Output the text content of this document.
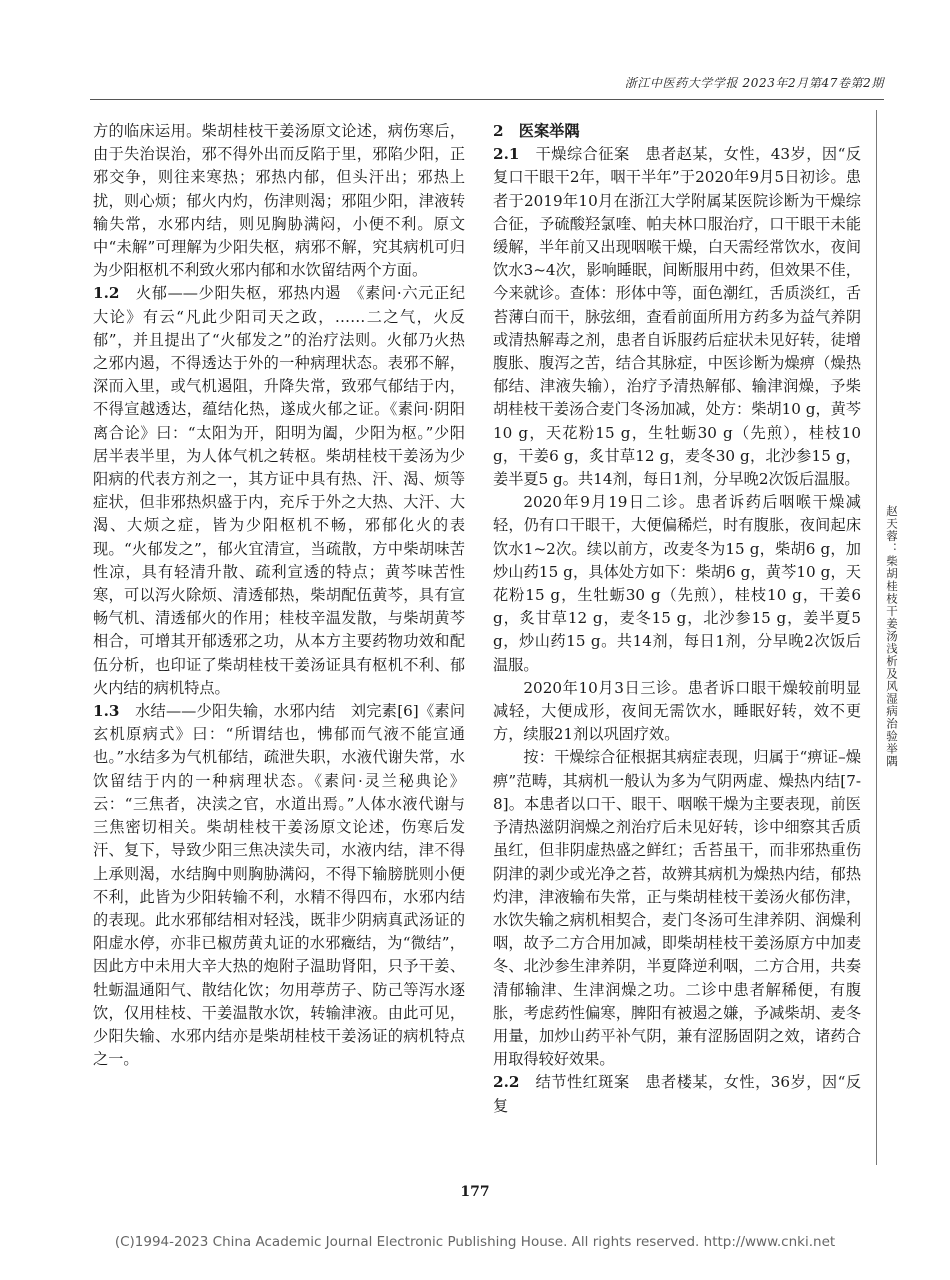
浙江中医药大学学报 2023年2月第47卷第2期

方的临床运用。柴胡桂枝干姜汤原文论述，病伤寒后，由于失治误治，邪不得外出而反陷于里，邪陷少阳，正邪交争，则往来寒热；邪热内郁，但头汗出；邪热上扰，则心烦；郁火内灼，伤津则渴；邪阻少阳，津液转输失常，水邪内结，则见胸胁满闷，小便不利。原文中“未解”可理解为少阳失枢，病邪不解，究其病机可归为少阳枢机不利致火邪内郁和水饮留结两个方面。

1.2　 火郁——少阳失枢，邪热内遏　 《素问·六元正纪大论》有云“凡此少阳司天之政，……二之气，火反郁”，并且提出了“火郁发之”的治疗法则。火郁乃火热之邪内遏，不得透达于外的一种病理状态。表邪不解，深而入里，或气机遏阻，升降失常，致邪气郁结于内，不得宣越透达，蕴结化热，遂成火郁之证。《素问·阴阳离合论》曰：“太阳为开，阳明为阖，少阳为枢。”少阳居半表半里，为人体气机之转枢。柴胡桂枝干姜汤为少阳病的代表方剂之一，其方证中具有热、汗、渴、烦等症状，但非邪热炽盛于内，充斥于外之大热、大汗、大渴、大烦之症，皆为少阳枢机不畅，邪郁化火的表现。“火郁发之”，郁火宜清宣，当疏散，方中柴胡味苦性凉，具有轻清升散、疏利宣透的特点；黄芩味苦性寒，可以泻火除烦、清透郁热，柴胡配伍黄芩，具有宣畅气机、清透郁火的作用；桂枝辛温发散，与柴胡黄芩相合，可增其开郁透邪之功，从本方主要药物功效和配伍分析，也印证了柴胡桂枝干姜汤证具有枢机不利、郁火内结的病机特点。

1.3　 水结——少阳失输，水邪内结　 刘完素[6]《素问玄机原病式》曰：“所谓结也，怫郁而气液不能宣通也。”水结多为气机郁结，疏泄失职，水液代谢失常，水饮留结于内的一种病理状态。《素问·灵兰秘典论》云：“三焦者，决渎之官，水道出焉。”人体水液代谢与三焦密切相关。柴胡桂枝干姜汤原文论述，伤寒后发汗、复下，导致少阳三焦决渎失司，水液内结，津不得上承则渴，水结胸中则胸胁满闷，不得下输膀胱则小便不利，此皆为少阳转输不利，水精不得四布，水邪内结的表现。此水邪郁结相对轻浅，既非少阴病真武汤证的阳虚水停，亦非已椒苈黄丸证的水邪癥结，为“微结”，因此方中未用大辛大热的炮附子温助肾阳，只予干姜、牡蛎温通阳气、散结化饮；勿用葶苈子、防己等泻水逐饮，仅用桂枝、干姜温散水饮，转输津液。由此可见，少阳失输、水邪内结亦是柴胡桂枝干姜汤证的病机特点之一。

2　医案举隅

2.1　 干燥综合征案　 患者赵某，女性，43岁，因“反复口干眼干2年，咽干半年”于2020年9月5日初诊。患者于2019年10月在浙江大学附属某医院诊断为干燥综合征，予硫酸羟氯喹、帕夫林口服治疗，口干眼干未能缓解，半年前又出现咽喉干燥，白天需经常饮水，夜间饮水3~4次，影响睡眠，间断服用中药，但效果不佳，今来就诊。查体：形体中等，面色潮红，舌质淡红，舌苔薄白而干，脉弦细，查看前面所用方药多为益气养阴或清热解毒之剂，患者自诉服药后症状未见好转，徒增腹胀、腹泻之苦，结合其脉症，中医诊断为燥痹（燥热郁结、津液失输），治疗予清热解郁、输津润燥，予柴胡桂枝干姜汤合麦门冬汤加减，处方：柴胡10 g，黄芩10 g，天花粉15 g，生牡蛎30 g（先煎），桂枝10 g，干姜6 g，炙甘草12 g，麦冬30 g，北沙参15 g，姜半夏5 g。共14剂，每日1剂，分早晚2次饭后温服。

2020年9月19日二诊。患者诉药后咽喉干燥减轻，仍有口干眼干，大便偏稀烂，时有腹胀，夜间起床饮水1~2次。续以前方，改麦冬为15 g，柴胡6 g，加炒山药15 g，具体处方如下：柴胡6 g，黄芩10 g，天花粉15 g，生牡蛎30 g（先煎），桂枝10 g，干姜6 g，炙甘草12 g，麦冬15 g，北沙参15 g，姜半夏5 g，炒山药15 g。共14剂，每日1剂，分早晚2次饭后温服。

2020年10月3日三诊。患者诉口眼干燥较前明显减轻，大便成形，夜间无需饮水，睡眠好转，效不更方，续服21剂以巩固疗效。

按：干燥综合征根据其病症表现，归属于“痹证–燥痹”范畴，其病机一般认为多为气阴两虚、燥热内结[7-8]。本患者以口干、眼干、咽喉干燥为主要表现，前医予清热滋阴润燥之剂治疗后未见好转，诊中细察其舌质虽红，但非阴虚热盛之鲜红；舌苔虽干，而非邪热重伤阴津的剥少或光净之苔，故辨其病机为燥热内结，郁热灼津，津液输布失常，正与柴胡桂枝干姜汤火郁伤津，水饮失输之病机相契合，麦门冬汤可生津养阴、润燥利咽，故予二方合用加减，即柴胡桂枝干姜汤原方中加麦冬、北沙参生津养阴，半夏降逆利咽，二方合用，共奏清郁输津、生津润燥之功。二诊中患者解稀便，有腹胀，考虑药性偏寒，脾阳有被遏之嫌，予减柴胡、麦冬用量，加炒山药平补气阴，兼有涩肠固阴之效，诸药合用取得较好效果。

2.2　 结节性红斑案　 患者楼某，女性，36岁，因“反复

赵天蓉：柴胡桂枝干姜汤浅析及风湿病治验举隅
177
(C)1994-2023 China Academic Journal Electronic Publishing House. All rights reserved. http://www.cnki.net
